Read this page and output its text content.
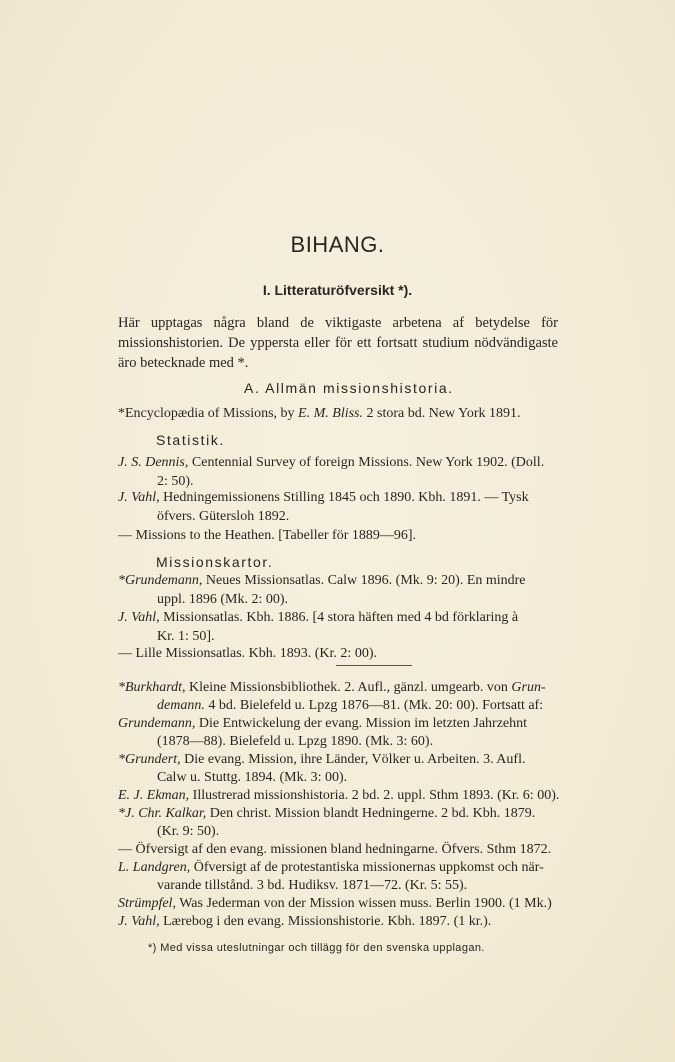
BIHANG.
I. Litteraturöfversikt *).
Här upptagas några bland de viktigaste arbetena af betydelse för missionshistorien. De yppersta eller för ett fortsatt studium nödvändigaste äro betecknade med *.
A. Allmän missionshistoria.
*Encyclopædia of Missions, by E. M. Bliss. 2 stora bd. New York 1891.
Statistik.
J. S. Dennis, Centennial Survey of foreign Missions. New York 1902. (Doll.
2: 50).
J. Vahl, Hedningemissionens Stilling 1845 och 1890. Kbh. 1891. — Tysk
öfvers. Gütersloh 1892.
— Missions to the Heathen. [Tabeller för 1889—96].
Missionskartor.
*Grundemann, Neues Missionsatlas. Calw 1896. (Mk. 9: 20). En mindre
uppl. 1896 (Mk. 2: 00).
J. Vahl, Missionsatlas. Kbh. 1886. [4 stora häften med 4 bd förklaring à
Kr. 1: 50].
— Lille Missionsatlas. Kbh. 1893. (Kr. 2: 00).
*Burkhardt, Kleine Missionsbibliothek. 2. Aufl., gänzl. umgearb. von Grun-
demann. 4 bd. Bielefeld u. Lpzg 1876—81. (Mk. 20: 00). Fortsatt af:
Grundemann, Die Entwickelung der evang. Mission im letzten Jahrzehnt
(1878—88). Bielefeld u. Lpzg 1890. (Mk. 3: 60).
*Grundert, Die evang. Mission, ihre Länder, Völker u. Arbeiten. 3. Aufl.
Calw u. Stuttg. 1894. (Mk. 3: 00).
E. J. Ekman, Illustrerad missionshistoria. 2 bd. 2. uppl. Sthm 1893. (Kr. 6: 00).
*J. Chr. Kalkar, Den christ. Mission blandt Hedningerne. 2 bd. Kbh. 1879.
(Kr. 9: 50).
— Öfversigt af den evang. missionen bland hedningarne. Öfvers. Sthm 1872.
L. Landgren, Öfversigt af de protestantiska missionernas uppkomst och när-
varande tillstånd. 3 bd. Hudiksv. 1871—72. (Kr. 5: 55).
Strümpfel, Was Jederman von der Mission wissen muss. Berlin 1900. (1 Mk.)
J. Vahl, Lærebog i den evang. Missionshistorie. Kbh. 1897. (1 kr.).
*) Med vissa uteslutningar och tillägg för den svenska upplagan.
